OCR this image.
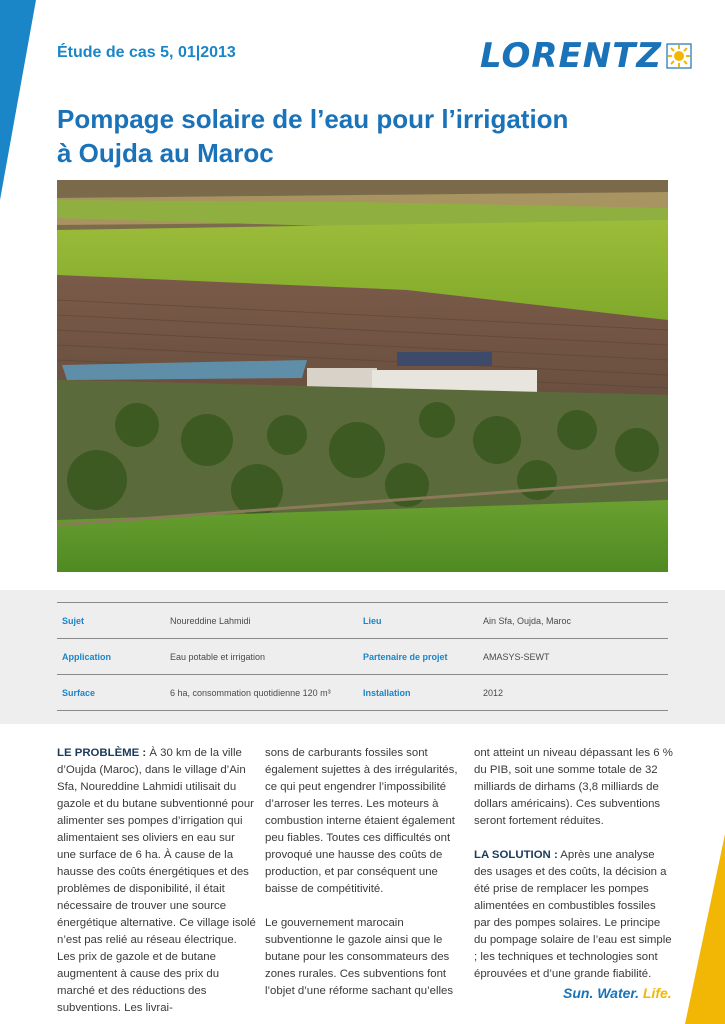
Étude de cas 5, 01|2013	LORENTZ
Pompage solaire de l’eau pour l’irrigation
à Oujda au Maroc
Sujet	Noureddine Lahmidi	Lieu	Ain Sfa, Oujda, Maroc
Application	Eau potable et irrigation	Partenaire de projet	AMASYS-SEWT
Surface	6 ha, consommation quotidienne 120 m³	Installation	2012

LE PROBLÈME : À 30 km de la ville d’Oujda (Maroc), dans le village d’Ain Sfa, Noureddine Lahmidi utilisait du gazole et du butane subventionné pour alimenter ses pompes d’irrigation qui alimentaient ses oliviers en eau sur une surface de 6 ha. À cause de la hausse des coûts énergétiques et des problèmes de disponibilité, il était nécessaire de trouver une source énergétique alternative. Ce village isolé n’est pas relié au réseau électrique. Les prix de gazole et de butane augmentent à cause des prix du marché et des réductions des subventions. Les livrai-

sons de carburants fossiles sont également sujettes à des irrégularités, ce qui peut engendrer l’impossibilité d’arroser les terres. Les moteurs à combustion interne étaient également peu fiables. Toutes ces difficultés ont provoqué une hausse des coûts de production, et par conséquent une baisse de compétitivité.

Le gouvernement marocain subventionne le gazole ainsi que le butane pour les consommateurs des zones rurales. Ces subventions font l’objet d’une réforme sachant qu’elles

ont atteint un niveau dépassant les 6 % du PIB, soit une somme totale de 32 milliards de dirhams (3,8 milliards de dollars américains). Ces subventions seront fortement réduites.

LA SOLUTION : Après une analyse des usages et des coûts, la décision a été prise de remplacer les pompes alimentées en combustibles fossiles par des pompes solaires. Le principe du pompage solaire de l’eau est simple ; les techniques et technologies sont éprouvées et d’une grande fiabilité.

Sun. Water. Life.
